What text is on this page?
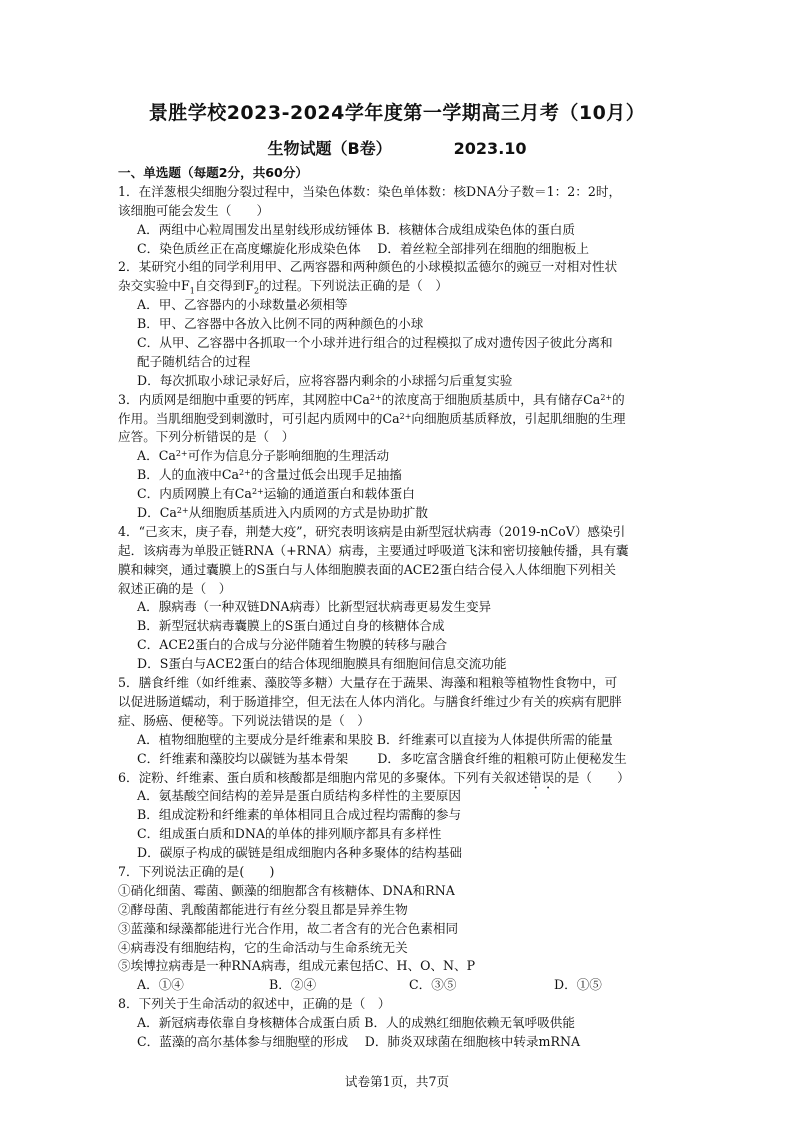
景胜学校2023-2024学年度第一学期高三月考（10月）
生物试题（B卷）	2023.10
一、单选题（每题2分，共60分）
1．在洋葱根尖细胞分裂过程中，当染色体数：染色单体数：核DNA分子数＝1：2：2时，
该细胞可能会发生（　　）
A．两组中心粒周围发出星射线形成纺锤体 B．核糖体合成组成染色体的蛋白质
C．染色质丝正在高度螺旋化形成染色体　 D．着丝粒全部排列在细胞的细胞板上
2．某研究小组的同学利用甲、乙两容器和两种颜色的小球模拟孟德尔的豌豆一对相对性状
杂交实验中$F_1$自交得到$F_2$的过程。下列说法正确的是（　）
A．甲、乙容器内的小球数量必须相等
B．甲、乙容器中各放入比例不同的两种颜色的小球
C．从甲、乙容器中各抓取一个小球并进行组合的过程模拟了成对遗传因子彼此分离和
配子随机结合的过程
D．每次抓取小球记录好后，应将容器内剩余的小球摇匀后重复实验
3．内质网是细胞中重要的钙库，其网腔中$Ca^{2+}$的浓度高于细胞质基质中，具有储存$Ca^{2+}$的
作用。当肌细胞受到刺激时，可引起内质网中的$Ca^{2+}$向细胞质基质释放，引起肌细胞的生理
应答。下列分析错误的是（　）
A．$Ca^{2+}$可作为信息分子影响细胞的生理活动
B．人的血液中$Ca^{2+}$的含量过低会出现手足抽搐
C．内质网膜上有$Ca^{2+}$运输的通道蛋白和载体蛋白
D．$Ca^{2+}$从细胞质基质进入内质网的方式是协助扩散
4．“己亥末，庚子春，荆楚大疫”，研究表明该病是由新型冠状病毒（2019-nCoV）感染引
起．该病毒为单股正链RNA（+RNA）病毒，主要通过呼吸道飞沫和密切接触传播，具有囊
膜和棘突，通过囊膜上的S蛋白与人体细胞膜表面的ACE2蛋白结合侵入人体细胞下列相关
叙述正确的是（　）
A．腺病毒（一种双链DNA病毒）比新型冠状病毒更易发生变异
B．新型冠状病毒囊膜上的S蛋白通过自身的核糖体合成
C．ACE2蛋白的合成与分泌伴随着生物膜的转移与融合
D．S蛋白与ACE2蛋白的结合体现细胞膜具有细胞间信息交流功能
5．膳食纤维（如纤维素、藻胶等多糖）大量存在于蔬果、海藻和粗粮等植物性食物中，可
以促进肠道蠕动，利于肠道排空，但无法在人体内消化。与膳食纤维过少有关的疾病有肥胖
症、肠癌、便秘等。下列说法错误的是（　）
A．植物细胞壁的主要成分是纤维素和果胶 B．纤维素可以直接为人体提供所需的能量
C．纤维素和藻胶均以碳链为基本骨架　　 D．多吃富含膳食纤维的粗粮可防止便秘发生
6．淀粉、纤维素、蛋白质和核酸都是细胞内常见的多聚体。下列有关叙述错误的是（　　）
A．氨基酸空间结构的差异是蛋白质结构多样性的主要原因
B．组成淀粉和纤维素的单体相同且合成过程均需酶的参与
C．组成蛋白质和DNA的单体的排列顺序都具有多样性
D．碳原子构成的碳链是组成细胞内各种多聚体的结构基础
7．下列说法正确的是(　　)
①硝化细菌、霉菌、颤藻的细胞都含有核糖体、DNA和RNA
②酵母菌、乳酸菌都能进行有丝分裂且都是异养生物
③蓝藻和绿藻都能进行光合作用，故二者含有的光合色素相同
④病毒没有细胞结构，它的生命活动与生命系统无关
⑤埃博拉病毒是一种RNA病毒，组成元素包括C、H、O、N、P
A．①④	B．②④	C．③⑤	D．①⑤
8．下列关于生命活动的叙述中，正确的是（　）
A．新冠病毒依靠自身核糖体合成蛋白质 B．人的成熟红细胞依赖无氧呼吸供能
C．蓝藻的高尔基体参与细胞壁的形成　 D．肺炎双球菌在细胞核中转录mRNA
试卷第1页，共7页
